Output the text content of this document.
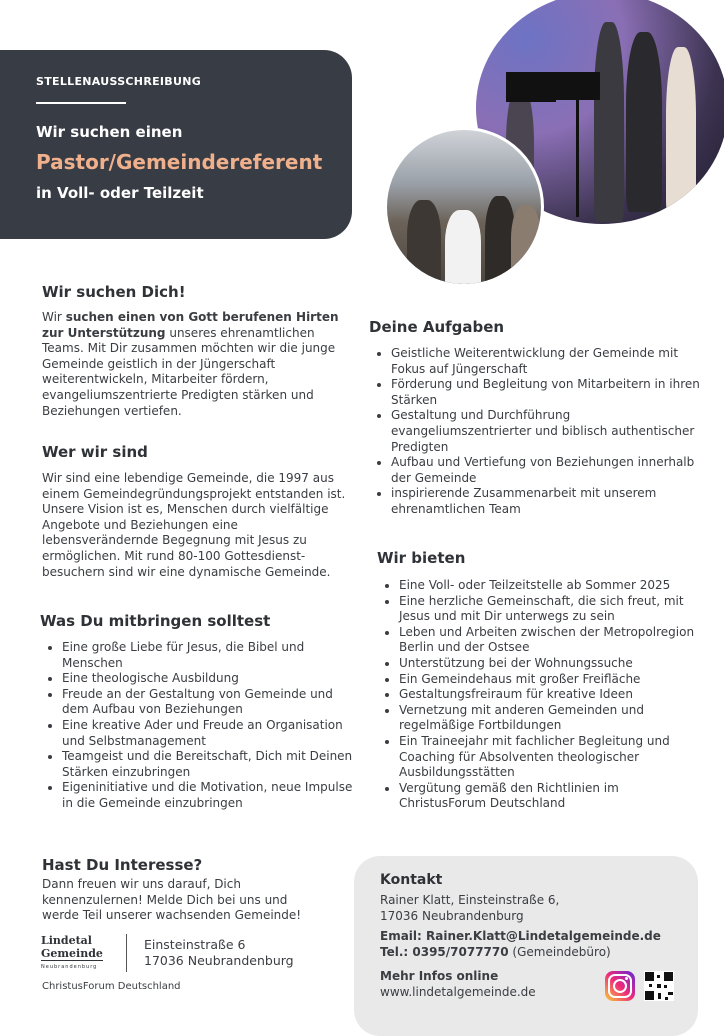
STELLENAUSSCHREIBUNG
Wir suchen einen
Pastor/Gemeindereferent
in Voll- oder Teilzeit
Wir suchen Dich!
Wir suchen einen von Gott berufenen Hirten zur Unterstützung unseres ehrenamtlichen Teams. Mit Dir zusammen möchten wir die junge Gemeinde geistlich in der Jüngerschaft weiterentwickeln, Mitarbeiter fördern, evangeliumszentrierte Predigten stärken und Beziehungen vertiefen.
Wer wir sind
Wir sind eine lebendige Gemeinde, die 1997 aus einem Gemeindegründungsprojekt entstanden ist. Unsere Vision ist es, Menschen durch vielfältige Angebote und Beziehungen eine lebensverändernde Begegnung mit Jesus zu ermöglichen. Mit rund 80-100 Gottesdienst-besuchern sind wir eine dynamische Gemeinde.
Was Du mitbringen solltest
• Eine große Liebe für Jesus, die Bibel und Menschen
• Eine theologische Ausbildung
• Freude an der Gestaltung von Gemeinde und dem Aufbau von Beziehungen
• Eine kreative Ader und Freude an Organisation und Selbstmanagement
• Teamgeist und die Bereitschaft, Dich mit Deinen Stärken einzubringen
• Eigeninitiative und die Motivation, neue Impulse in die Gemeinde einzubringen
Deine Aufgaben
• Geistliche Weiterentwicklung der Gemeinde mit Fokus auf Jüngerschaft
• Förderung und Begleitung von Mitarbeitern in ihren Stärken
• Gestaltung und Durchführung evangeliumszentrierter und biblisch authentischer Predigten
• Aufbau und Vertiefung von Beziehungen innerhalb der Gemeinde
• inspirierende Zusammenarbeit mit unserem ehrenamtlichen Team
Wir bieten
• Eine Voll- oder Teilzeitstelle ab Sommer 2025
• Eine herzliche Gemeinschaft, die sich freut, mit Jesus und mit Dir unterwegs zu sein
• Leben und Arbeiten zwischen der Metropolregion Berlin und der Ostsee
• Unterstützung bei der Wohnungssuche
• Ein Gemeindehaus mit großer Freifläche
• Gestaltungsfreiraum für kreative Ideen
• Vernetzung mit anderen Gemeinden und regelmäßige Fortbildungen
• Ein Traineejahr mit fachlicher Begleitung und Coaching für Absolventen theologischer Ausbildungsstätten
• Vergütung gemäß den Richtlinien im ChristusForum Deutschland
Hast Du Interesse?
Dann freuen wir uns darauf, Dich kennenzulernen! Melde Dich bei uns und werde Teil unserer wachsenden Gemeinde!
Lindetal
Gemeinde
Neubrandenburg
Einsteinstraße 6
17036 Neubrandenburg
ChristusForum Deutschland
Kontakt
Rainer Klatt, Einsteinstraße 6,
17036 Neubrandenburg
Email: Rainer.Klatt@Lindetalgemeinde.de
Tel.: 0395/7077770 (Gemeindebüro)
Mehr Infos online
www.lindetalgemeinde.de
